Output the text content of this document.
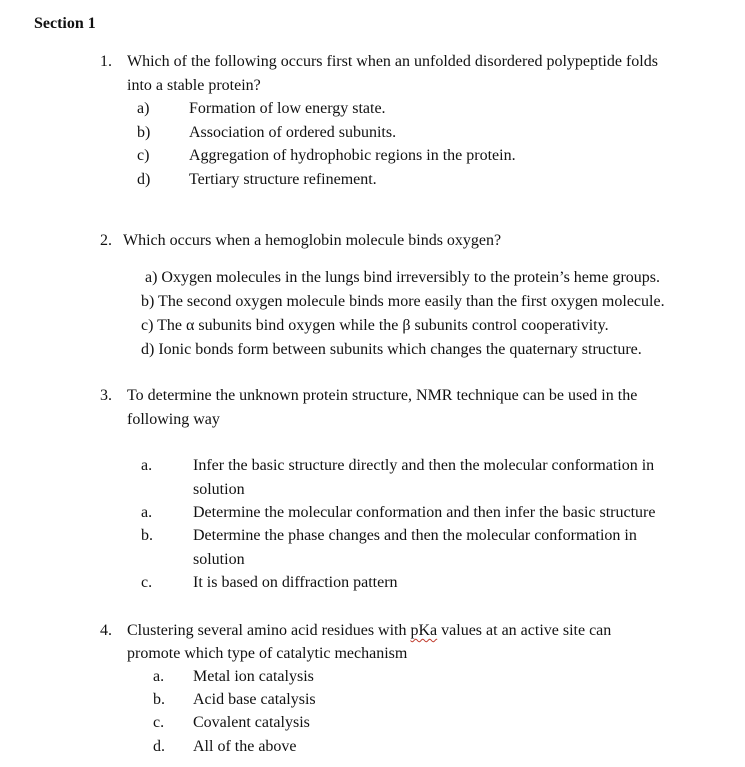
Section 1
1. Which of the following occurs first when an unfolded disordered polypeptide folds
into a stable protein?
a) Formation of low energy state.
b) Association of ordered subunits.
c) Aggregation of hydrophobic regions in the protein.
d) Tertiary structure refinement.
2. Which occurs when a hemoglobin molecule binds oxygen?
a) Oxygen molecules in the lungs bind irreversibly to the protein’s heme groups.
b) The second oxygen molecule binds more easily than the first oxygen molecule.
c) The α subunits bind oxygen while the β subunits control cooperativity.
d) Ionic bonds form between subunits which changes the quaternary structure.
3. To determine the unknown protein structure, NMR technique can be used in the
following way
a.	Infer the basic structure directly and then the molecular conformation in
solution
a.	Determine the molecular conformation and then infer the basic structure
b.	Determine the phase changes and then the molecular conformation in
solution
c.	It is based on diffraction pattern
4. Clustering several amino acid residues with pKa values at an active site can
promote which type of catalytic mechanism
a. Metal ion catalysis
b. Acid base catalysis
c. Covalent catalysis
d. All of the above
